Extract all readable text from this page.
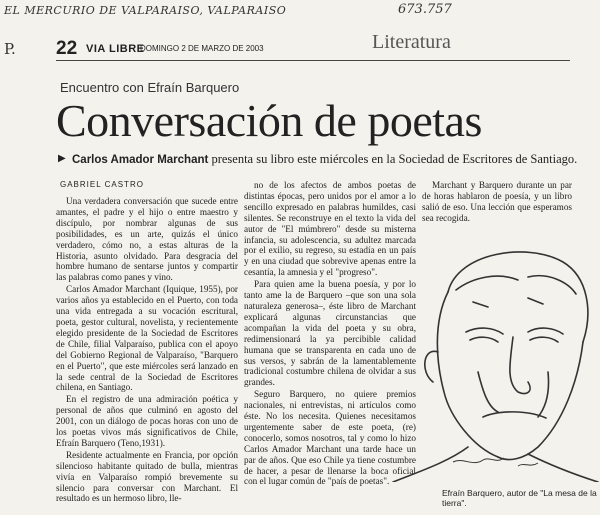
EL MERCURIO DE VALPARAISO, VALPARAISO	673.757
P. 22 VIA LIBRE
DOMINGO 2 DE MARZO DE 2003	Literatura
Encuentro con Efraín Barquero
Conversación de poetas
▶ Carlos Amador Marchant presenta su libro este miércoles en la Sociedad de Escritores de Santiago.
GABRIEL CASTRO

Una verdadera conversación que sucede entre amantes, el padre y el hijo o entre maestro y discípulo, por nombrar algunas de sus posibilidades, es un arte, quizás el único verdadero, cómo no, a estas alturas de la Historia, asunto olvidado. Para desgracia del hombre humano de sentarse juntos y compartir las palabras como panes y vino.

Carlos Amador Marchant (Iquique, 1955), por varios años ya establecido en el Puerto, con toda una vida entregada a su vocación escritural, poeta, gestor cultural, novelista, y recientemente elegido presidente de la Sociedad de Escritores de Chile, filial Valparaíso, publica con el apoyo del Gobierno Regional de Valparaíso, "Barquero en el Puerto", que este miércoles será lanzado en la sede central de la Sociedad de Escritores chilena, en Santiago.

En el registro de una admiración poética y personal de años que culminó en agosto del 2001, con un diálogo de pocas horas con uno de los poetas vivos más significativos de Chile, Efraín Barquero (Teno,1931).

Residente actualmente en Francia, por opción silencioso habitante quitado de bulla, mientras vivía en Valparaíso rompió brevemente su silencio para conversar con Marchant. El resultado es un hermoso libro, lle-

no de los afectos de ambos poetas de distintas épocas, pero unidos por el amor a lo sencillo expresado en palabras humildes, casi silentes. Se reconstruye en el texto la vida del autor de "El múmbrero" desde su misterna infancia, su adolescencia, su adultez marcada por el exilio, su regreso, su estadía en un país y en una ciudad que sobrevive apenas entre la cesantía, la amnesia y el "progreso".

Para quien ame la buena poesía, y por lo tanto ame la de Barquero –que son una sola naturaleza generosa–, éste libro de Marchant explicará algunas circunstancias que acompañan la vida del poeta y su obra, redimensionará la ya percibible calidad humana que se transparenta en cada uno de sus versos, y sabrán de la lamentablemente tradicional costumbre chilena de olvidar a sus grandes.

Seguro Barquero, no quiere premios nacionales, ni entrevistas, ni artículos como éste. No los necesita. Quienes necesitamos urgentemente saber de este poeta, (re) conocerlo, somos nosotros, tal y como lo hizo Carlos Amador Marchant una tarde hace un par de años. Que eso Chile ya tiene costumbre de hacer, a pesar de llenarse la boca oficial con el lugar común de "país de poetas".

Marchant y Barquero durante un par de horas hablaron de poesía, y un libro salió de eso. Una lección que esperamos sea recogida.

Efraín Barquero, autor de "La mesa de la tierra".
